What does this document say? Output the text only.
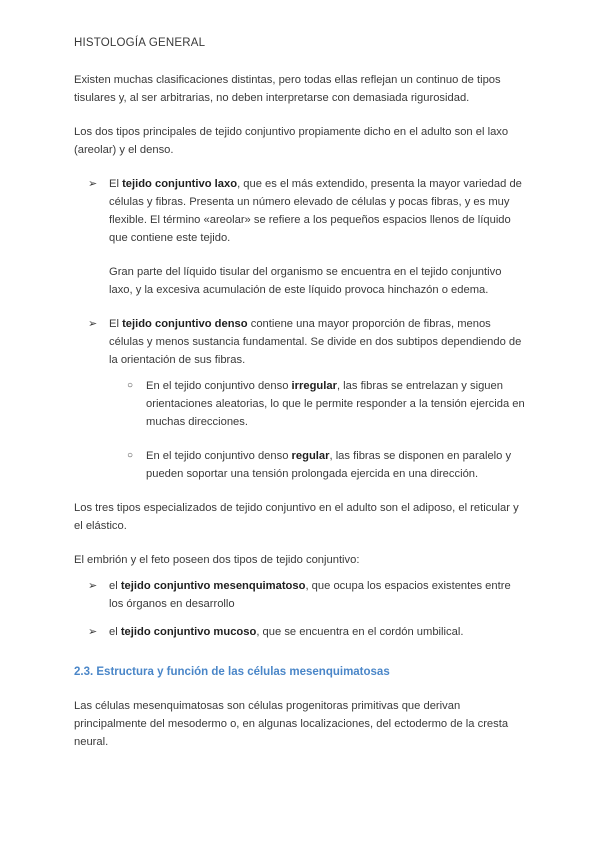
HISTOLOGÍA GENERAL

Existen muchas clasificaciones distintas, pero todas ellas reflejan un continuo de tipos tisulares y, al ser arbitrarias, no deben interpretarse con demasiada rigurosidad.

Los dos tipos principales de tejido conjuntivo propiamente dicho en el adulto son el laxo (areolar) y el denso.

➢ El tejido conjuntivo laxo, que es el más extendido, presenta la mayor variedad de células y fibras. Presenta un número elevado de células y pocas fibras, y es muy flexible. El término «areolar» se refiere a los pequeños espacios llenos de líquido que contiene este tejido.

Gran parte del líquido tisular del organismo se encuentra en el tejido conjuntivo laxo, y la excesiva acumulación de este líquido provoca hinchazón o edema.

➢ El tejido conjuntivo denso contiene una mayor proporción de fibras, menos células y menos sustancia fundamental. Se divide en dos subtipos dependiendo de la orientación de sus fibras.

○ En el tejido conjuntivo denso irregular, las fibras se entrelazan y siguen orientaciones aleatorias, lo que le permite responder a la tensión ejercida en muchas direcciones.

○ En el tejido conjuntivo denso regular, las fibras se disponen en paralelo y pueden soportar una tensión prolongada ejercida en una dirección.

Los tres tipos especializados de tejido conjuntivo en el adulto son el adiposo, el reticular y el elástico.

El embrión y el feto poseen dos tipos de tejido conjuntivo:

➢ el tejido conjuntivo mesenquimatoso, que ocupa los espacios existentes entre los órganos en desarrollo

➢ el tejido conjuntivo mucoso, que se encuentra en el cordón umbilical.

2.3. Estructura y función de las células mesenquimatosas

Las células mesenquimatosas son células progenitoras primitivas que derivan principalmente del mesodermo o, en algunas localizaciones, del ectodermo de la cresta neural.
